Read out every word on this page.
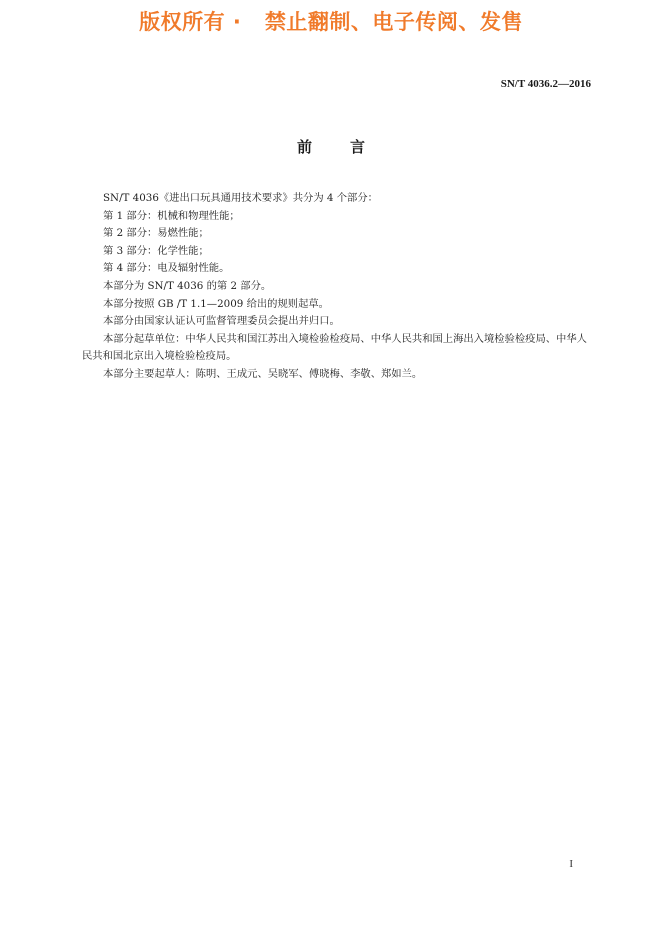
版权所有 ·   禁止翻制、电子传阅、发售
SN/T 4036.2—2016
前言

SN/T 4036《进出口玩具通用技术要求》共分为 4 个部分：

第 1 部分：机械和物理性能；

第 2 部分：易燃性能；

第 3 部分：化学性能；

第 4 部分：电及辐射性能。

本部分为 SN/T 4036 的第 2 部分。

本部分按照 GB /T 1.1—2009 给出的规则起草。

本部分由国家认证认可监督管理委员会提出并归口。

本部分起草单位：中华人民共和国江苏出入境检验检疫局、中华人民共和国上海出入境检验检疫局、中华人民共和国北京出入境检验检疫局。

本部分主要起草人：陈明、王成元、吴晓军、傅晓梅、李敬、郑如兰。

I
